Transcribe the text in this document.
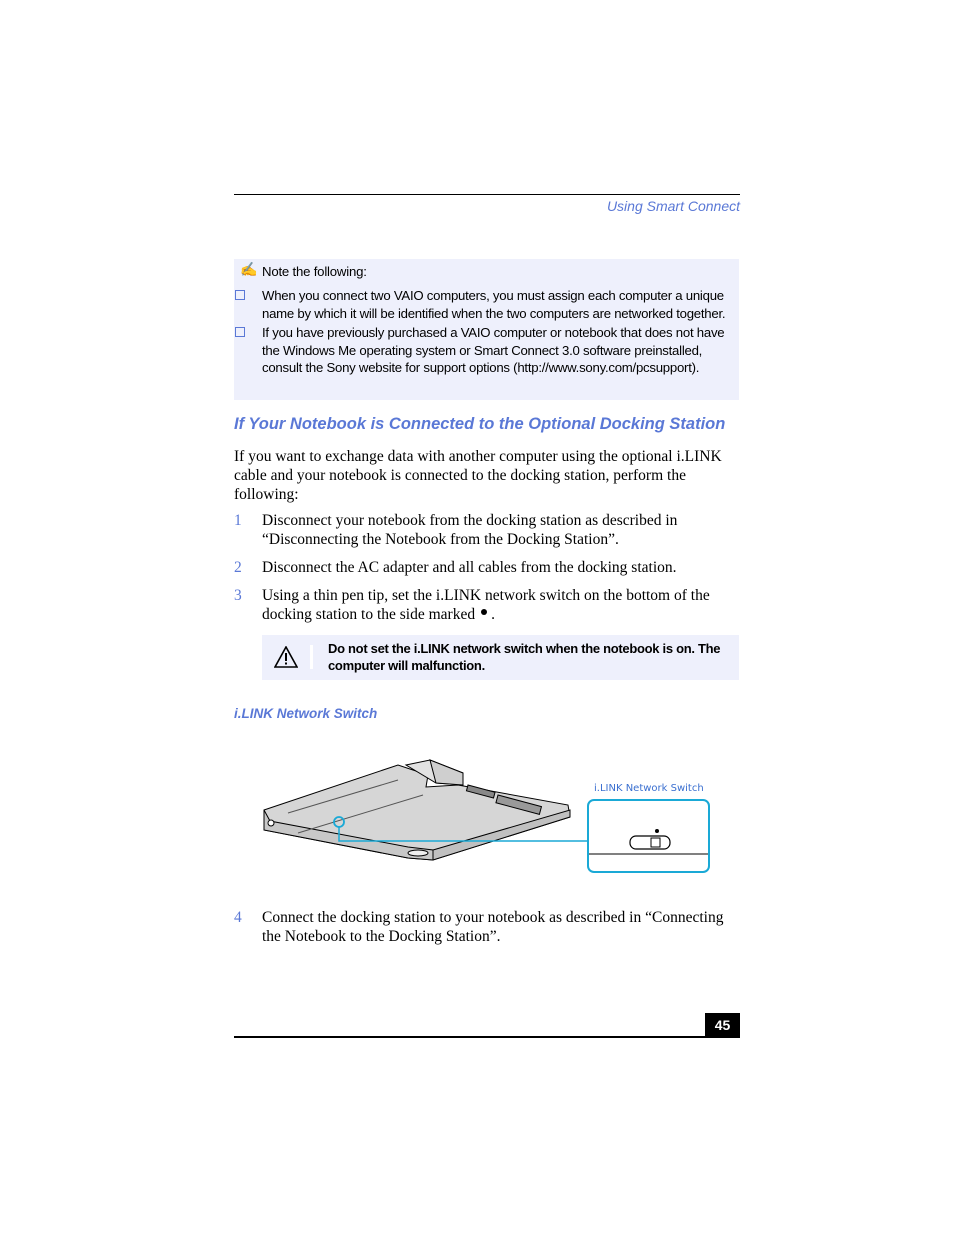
Using Smart Connect
✍ Note the following:
When you connect two VAIO computers, you must assign each computer a unique name by which it will be identified when the two computers are networked together.
If you have previously purchased a VAIO computer or notebook that does not have the Windows Me operating system or Smart Connect 3.0 software preinstalled, consult the Sony website for support options (http://www.sony.com/pcsupport).
If Your Notebook is Connected to the Optional Docking Station
If you want to exchange data with another computer using the optional i.LINK cable and your notebook is connected to the docking station, perform the following:
1 Disconnect your notebook from the docking station as described in “Disconnecting the Notebook from the Docking Station”.
2 Disconnect the AC adapter and all cables from the docking station.
3 Using a thin pen tip, set the i.LINK network switch on the bottom of the docking station to the side marked .
Do not set the i.LINK network switch when the notebook is on. The computer will malfunction.
i.LINK Network Switch
i.LINK Network Switch
4 Connect the docking station to your notebook as described in “Connecting the Notebook to the Docking Station”.
45
